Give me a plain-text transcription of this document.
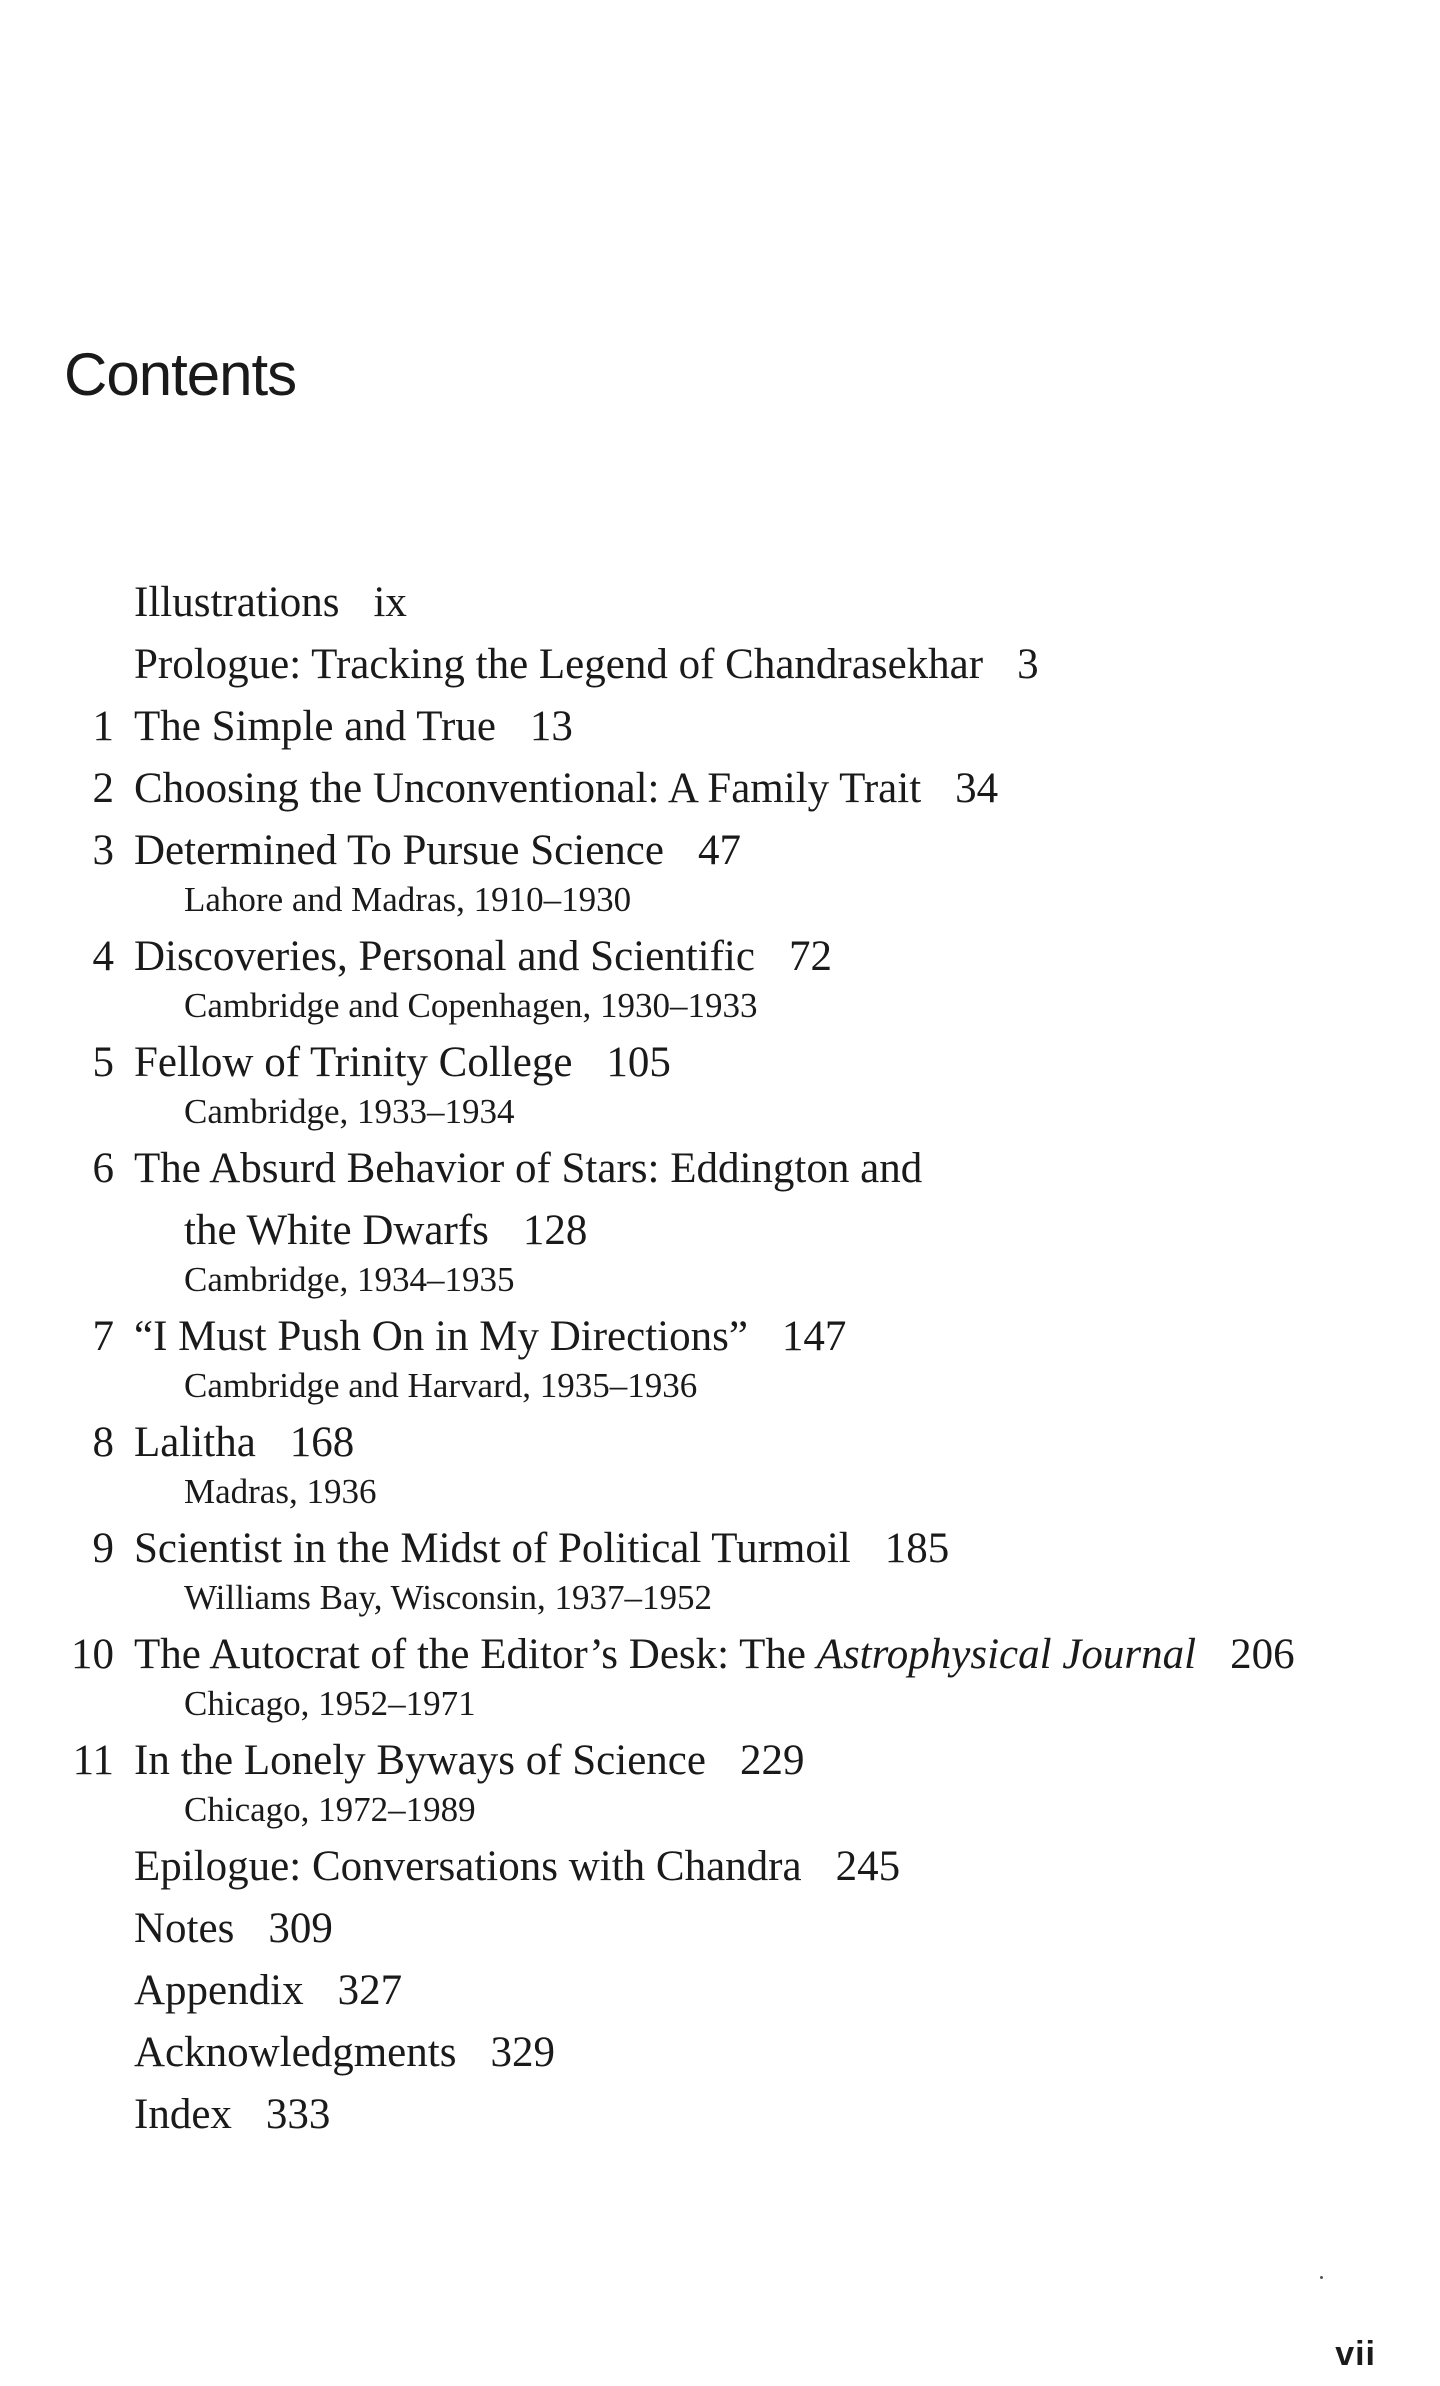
Contents
Illustrations ix
Prologue: Tracking the Legend of Chandrasekhar 3
1 The Simple and True 13
2 Choosing the Unconventional: A Family Trait 34
3 Determined To Pursue Science 47
Lahore and Madras, 1910–1930
4 Discoveries, Personal and Scientific 72
Cambridge and Copenhagen, 1930–1933
5 Fellow of Trinity College 105
Cambridge, 1933–1934
6 The Absurd Behavior of Stars: Eddington and
the White Dwarfs 128
Cambridge, 1934–1935
7 “I Must Push On in My Directions” 147
Cambridge and Harvard, 1935–1936
8 Lalitha 168
Madras, 1936
9 Scientist in the Midst of Political Turmoil 185
Williams Bay, Wisconsin, 1937–1952
10 The Autocrat of the Editor’s Desk: The Astrophysical Journal 206
Chicago, 1952–1971
11 In the Lonely Byways of Science 229
Chicago, 1972–1989
Epilogue: Conversations with Chandra 245
Notes 309
Appendix 327
Acknowledgments 329
Index 333
vii
